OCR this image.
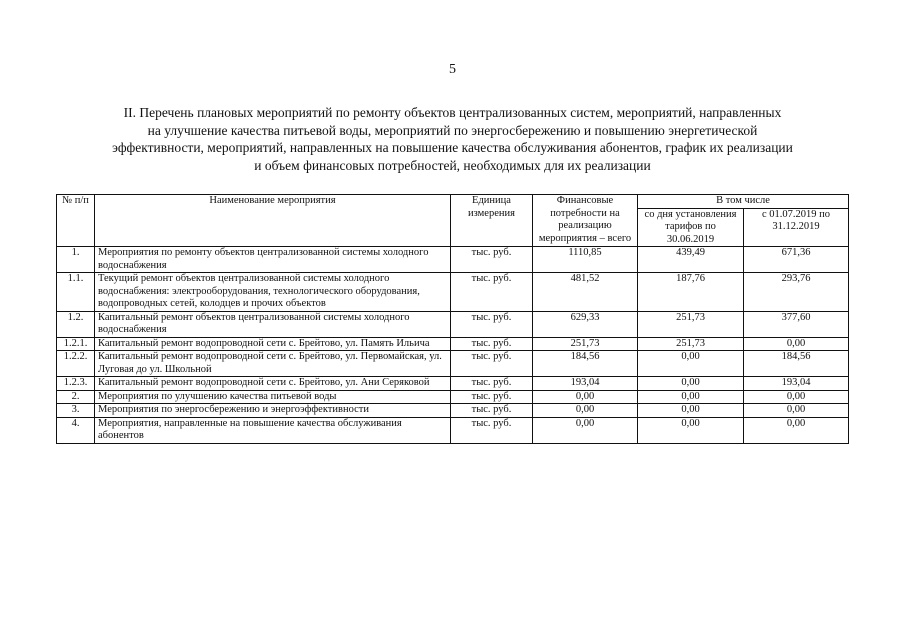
5
II. Перечень плановых мероприятий по ремонту объектов централизованных систем, мероприятий, направленных
на улучшение качества питьевой воды, мероприятий по энергосбережению и повышению энергетической
эффективности, мероприятий, направленных на повышение качества обслуживания абонентов, график их реализации
и объем финансовых потребностей, необходимых для их реализации
№ п/п	Наименование мероприятия	Единица измерения	Финансовые потребности на реализацию мероприятия – всего	В том числе	
				со дня установления тарифов по 30.06.2019	с 01.07.2019 по 31.12.2019
1.	Мероприятия по ремонту объектов централизованной системы холодного водоснабжения	тыс. руб.	1110,85	439,49	671,36
1.1.	Текущий ремонт объектов централизованной системы холодного водоснабжения: электрооборудования, технологического оборудования, водопроводных сетей, колодцев и прочих объектов	тыс. руб.	481,52	187,76	293,76
1.2.	Капитальный ремонт объектов централизованной системы холодного водоснабжения	тыс. руб.	629,33	251,73	377,60
1.2.1.	Капитальный ремонт водопроводной сети с. Брейтово, ул. Память Ильича	тыс. руб.	251,73	251,73	0,00
1.2.2.	Капитальный ремонт водопроводной сети с. Брейтово, ул. Первомайская, ул. Луговая до ул. Школьной	тыс. руб.	184,56	0,00	184,56
1.2.3.	Капитальный ремонт водопроводной сети с. Брейтово, ул. Ани Серяковой	тыс. руб.	193,04	0,00	193,04
2.	Мероприятия по улучшению качества питьевой воды	тыс. руб.	0,00	0,00	0,00
3.	Мероприятия по энергосбережению и энергоэффективности	тыс. руб.	0,00	0,00	0,00
4.	Мероприятия, направленные на повышение качества обслуживания абонентов	тыс. руб.	0,00	0,00	0,00
